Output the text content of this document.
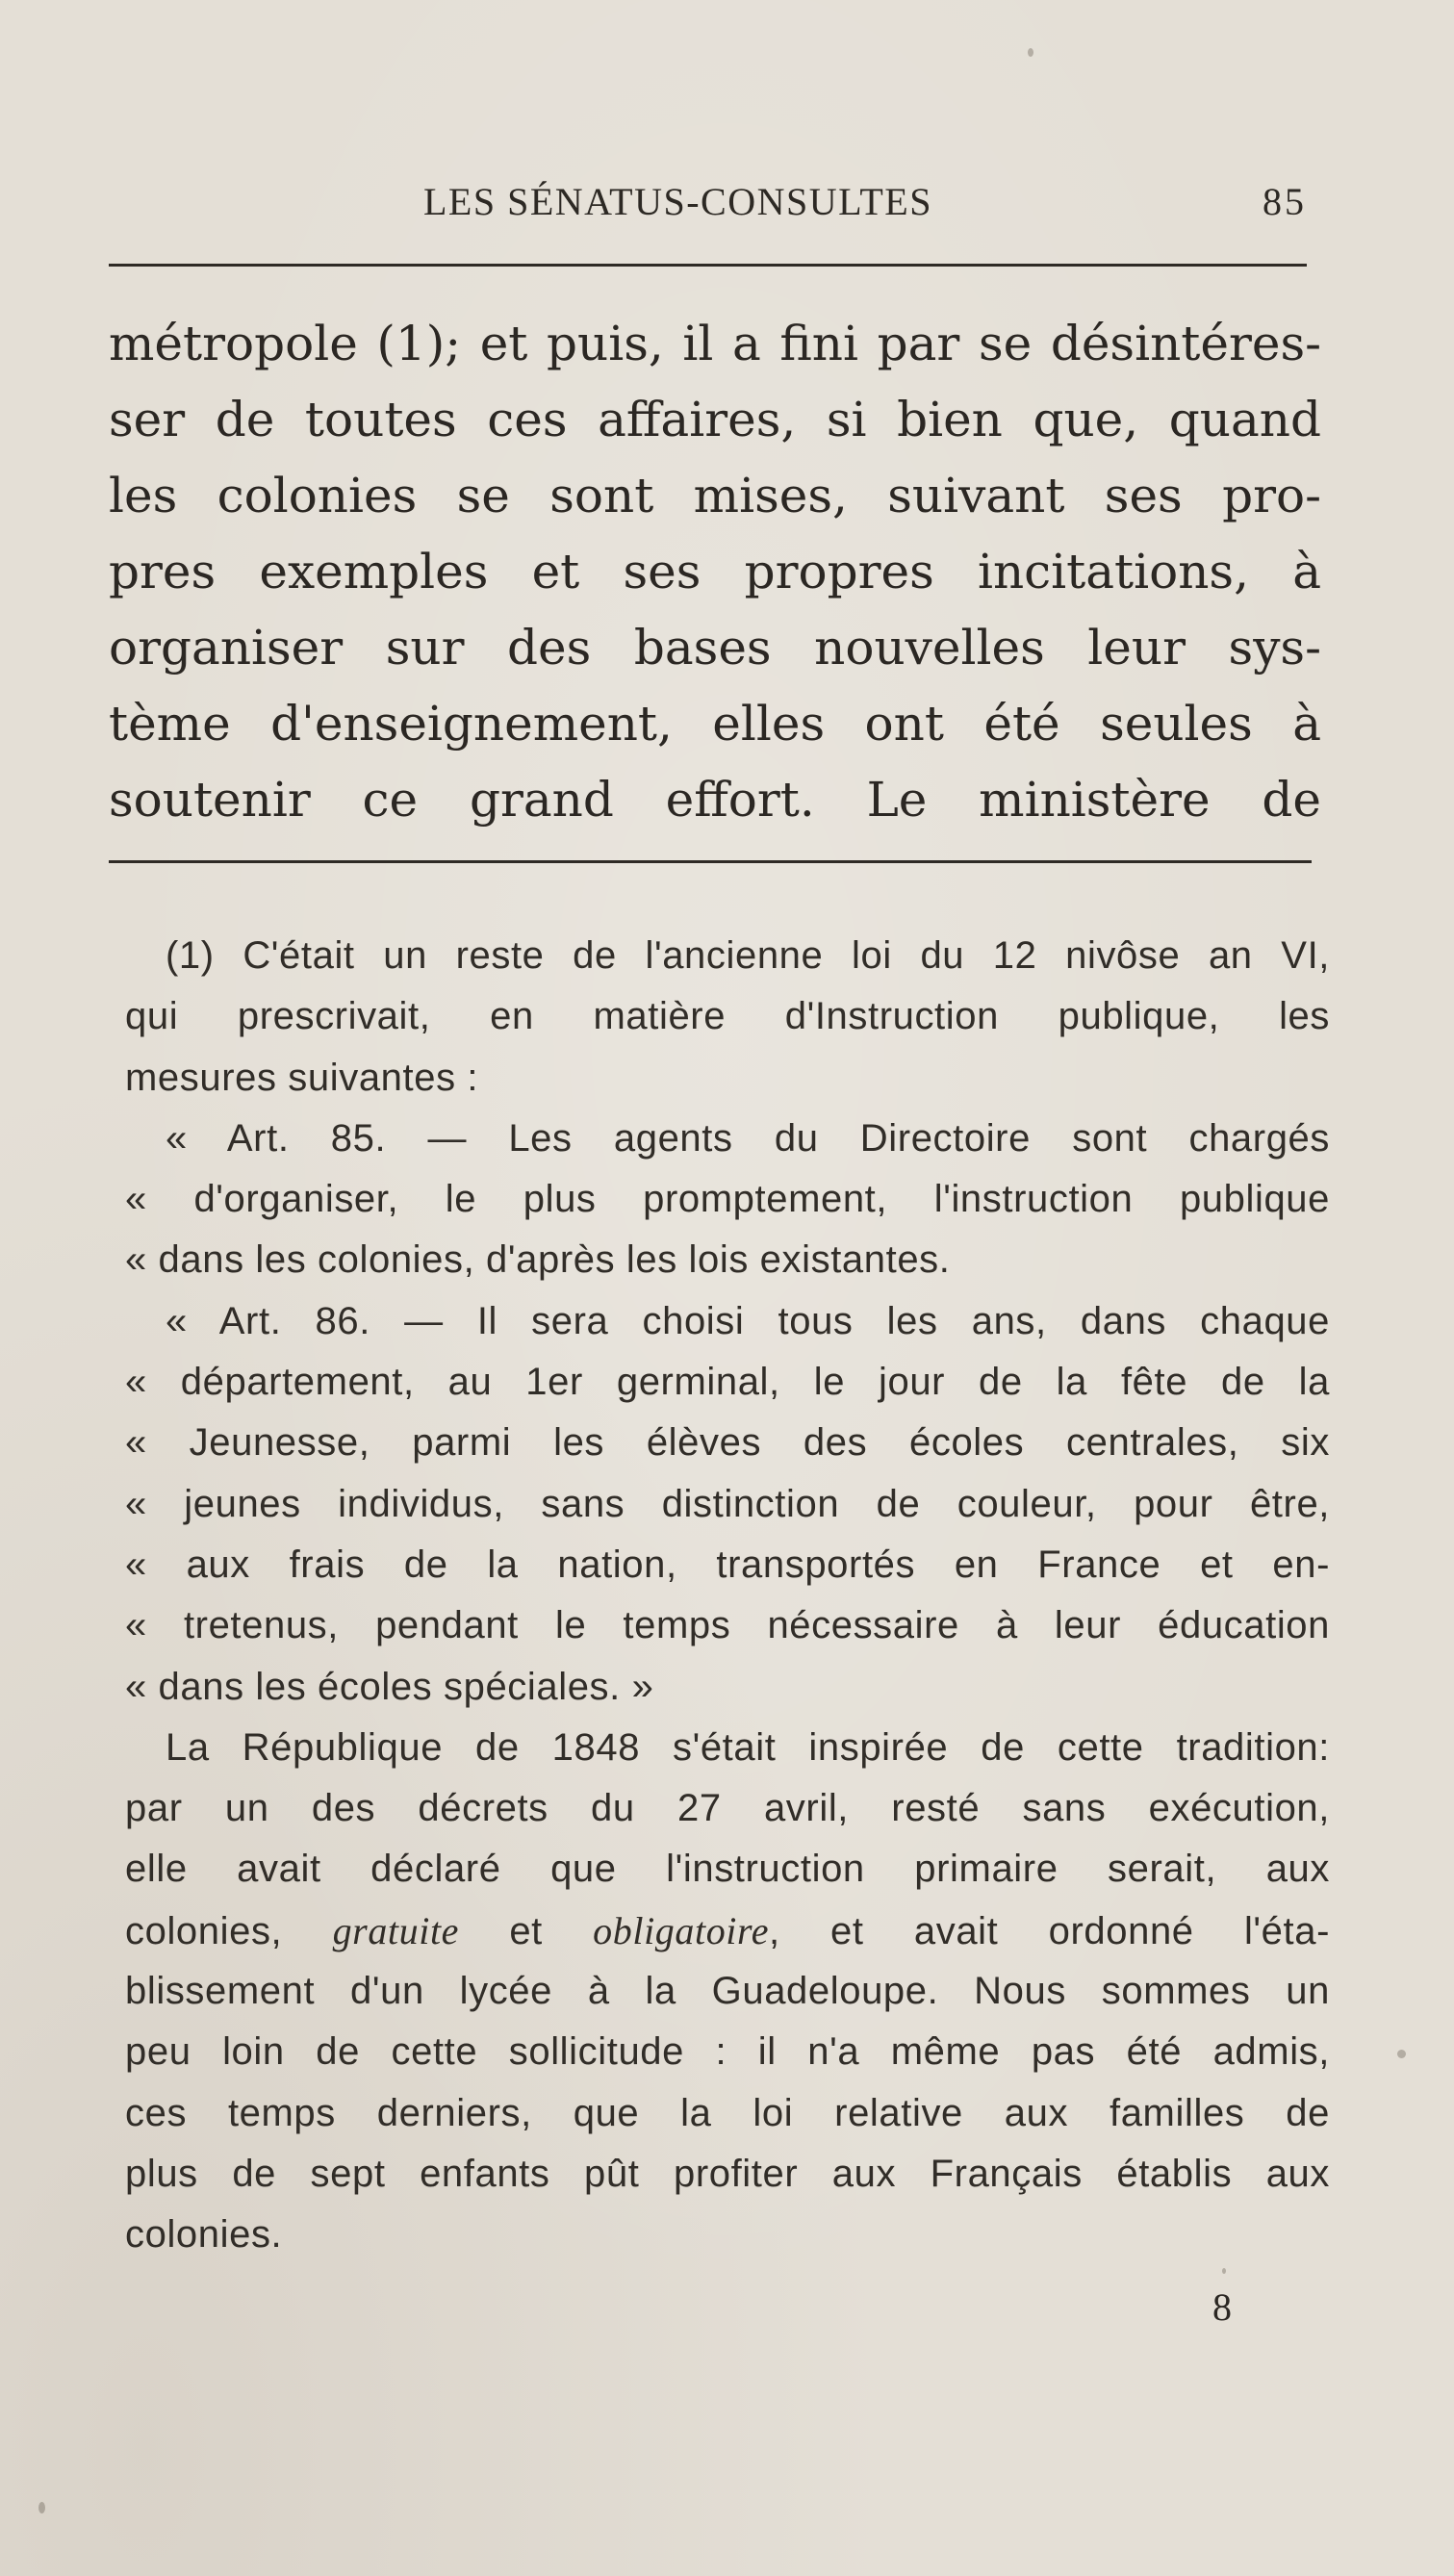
LES SÉNATUS-CONSULTES	85
métropole (1); et puis, il a fini par se désintéres-
ser de toutes ces affaires, si bien que, quand
les colonies se sont mises, suivant ses pro-
pres exemples et ses propres incitations, à
organiser sur des bases nouvelles leur sys-
tème d'enseignement, elles ont été seules à
soutenir ce grand effort. Le ministère de
(1) C'était un reste de l'ancienne loi du 12 nivôse an VI,
qui prescrivait, en matière d'Instruction publique, les
mesures suivantes :
« Art. 85. — Les agents du Directoire sont chargés
« d'organiser, le plus promptement, l'instruction publique
« dans les colonies, d'après les lois existantes.
« Art. 86. — Il sera choisi tous les ans, dans chaque
« département, au 1er germinal, le jour de la fête de la
« Jeunesse, parmi les élèves des écoles centrales, six
« jeunes individus, sans distinction de couleur, pour être,
« aux frais de la nation, transportés en France et en-
« tretenus, pendant le temps nécessaire à leur éducation
« dans les écoles spéciales. »
La République de 1848 s'était inspirée de cette tradition:
par un des décrets du 27 avril, resté sans exécution,
elle avait déclaré que l'instruction primaire serait, aux
colonies, gratuite et obligatoire, et avait ordonné l'éta-
blissement d'un lycée à la Guadeloupe. Nous sommes un
peu loin de cette sollicitude : il n'a même pas été admis,
ces temps derniers, que la loi relative aux familles de
plus de sept enfants pût profiter aux Français établis aux
colonies.
8
